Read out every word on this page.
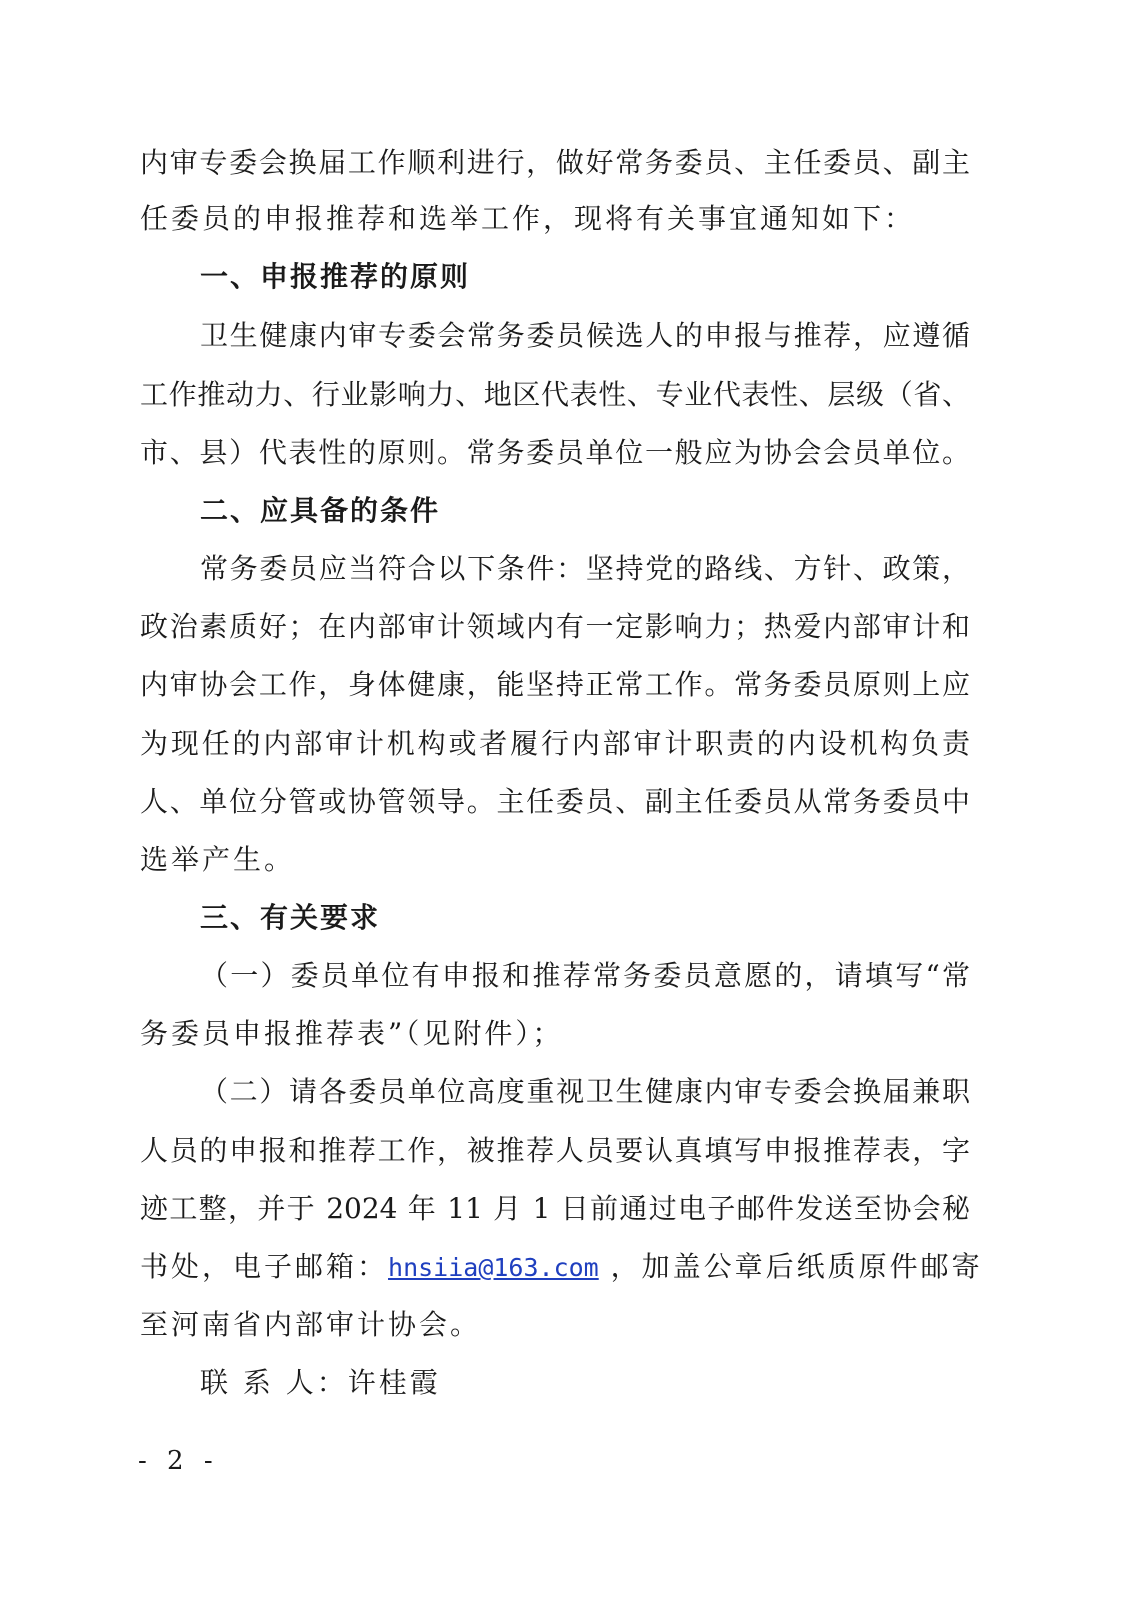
内审专委会换届工作顺利进行，做好常务委员、主任委员、副主
任委员的申报推荐和选举工作，现将有关事宜通知如下：
一、申报推荐的原则
卫生健康内审专委会常务委员候选人的申报与推荐，应遵循
工作推动力、行业影响力、地区代表性、专业代表性、层级（省、
市、县）代表性的原则。常务委员单位一般应为协会会员单位。
二、应具备的条件
常务委员应当符合以下条件：坚持党的路线、方针、政策，
政治素质好；在内部审计领域内有一定影响力；热爱内部审计和
内审协会工作，身体健康，能坚持正常工作。常务委员原则上应
为现任的内部审计机构或者履行内部审计职责的内设机构负责
人、单位分管或协管领导。主任委员、副主任委员从常务委员中
选举产生。
三、有关要求
（一）委员单位有申报和推荐常务委员意愿的，请填写“常
务委员申报推荐表”（见附件）；
（二）请各委员单位高度重视卫生健康内审专委会换届兼职
人员的申报和推荐工作，被推荐人员要认真填写申报推荐表，字
迹工整，并于 2024 年 11 月 1 日前通过电子邮件发送至协会秘
书处，电子邮箱：hnsiia@163.com ，加盖公章后纸质原件邮寄
至河南省内部审计协会。
联 系 人：许桂霞
- 2 -
